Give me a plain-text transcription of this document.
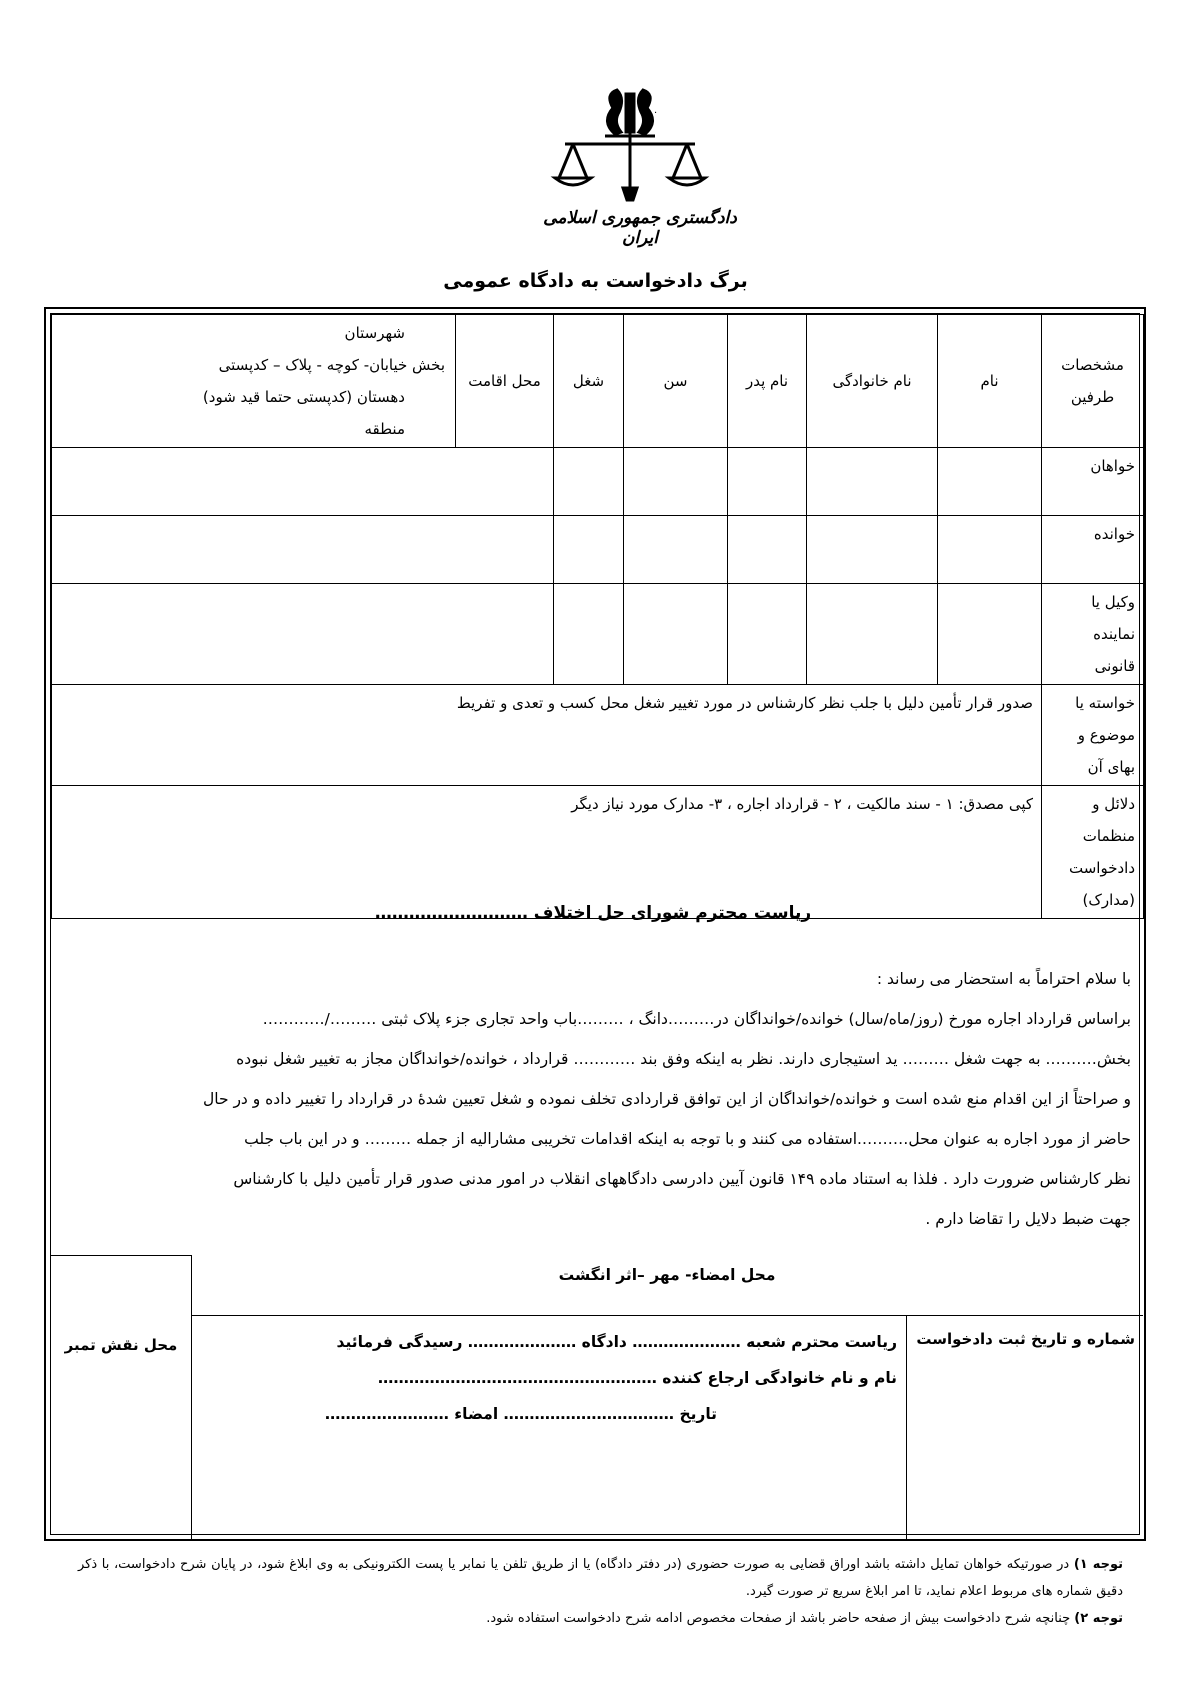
·
دادگستری جمهوری اسلامی ایران
برگ دادخواست به دادگاه عمومی
مشخصات طرفین	نام	نام خانوادگی	نام پدر	سن	شغل	محل اقامت	شهرستان
بخش خیابان- کوچه - پلاک – کدپستی
دهستان (کدپستی حتما قید شود)
منطقه

خواهان							
خوانده							

وکیل یا
نماینده
قانونی							

خواسته یا
موضوع و
بهای آن	صدور قرار تأمین دلیل با جلب نظر کارشناس در مورد تغییر شغل محل کسب و تعدی و تفریط						

دلائل و
منظمات
دادخواست
(مدارک)	کپی مصدق: ۱ - سند مالکیت ، ۲ - قرارداد اجاره ، ۳- مدارک مورد نیاز دیگر						
ریاست محترم شورای حل اختلاف ………………………

با سلام احتراماً به استحضار می رساند :

براساس قرارداد اجاره مورخ (روز/ماه/سال) خوانده/خوانداگان در………دانگ ، ………باب واحد تجاری جزء پلاک ثبتی ………/…………

بخش………. به جهت شغل ……… ید استیجاری دارند. نظر به اینکه وفق بند ………… قرارداد ، خوانده/خوانداگان مجاز به تغییر شغل نبوده

و صراحتاً از این اقدام منع شده است و خوانده/خوانداگان از این توافق قراردادی تخلف نموده و شغل تعیین شدهٔ در قرارداد را تغییر داده و در حال

حاضر از مورد اجاره به عنوان محل……….استفاده می کنند و با توجه به اینکه اقدامات تخریبی مشارالیه از جمله ……… و در این باب جلب

نظر کارشناس ضرورت دارد . فلذا به استناد ماده ۱۴۹ قانون آیین دادرسی دادگاههای انقلاب در امور مدنی صدور قرار تأمین دلیل با کارشناس

جهت ضبط دلایل را تقاضا دارم .

محل نقش تمبر
محل امضاء- مهر –اثر انگشت
شماره و تاریخ ثبت دادخواست
ریاست محترم شعبه ………………… دادگاه ………………… رسیدگی فرمائید
نام و نام خانوادگی ارجاع کننده ………………………………………………
تاریخ …………………………… امضاء ……………………

توجه ۱) در صورتیکه خواهان تمایل داشته باشد اوراق قضایی به صورت حضوری (در دفتر دادگاه) یا از طریق تلفن یا نمابر یا پست الکترونیکی به وی ابلاغ شود، در پایان شرح دادخواست، با ذکر دقیق شماره های مربوط اعلام نماید، تا امر ابلاغ سریع تر صورت گیرد.

توجه ۲) چنانچه شرح دادخواست بیش از صفحه حاضر باشد از صفحات مخصوص ادامه شرح دادخواست استفاده شود.
